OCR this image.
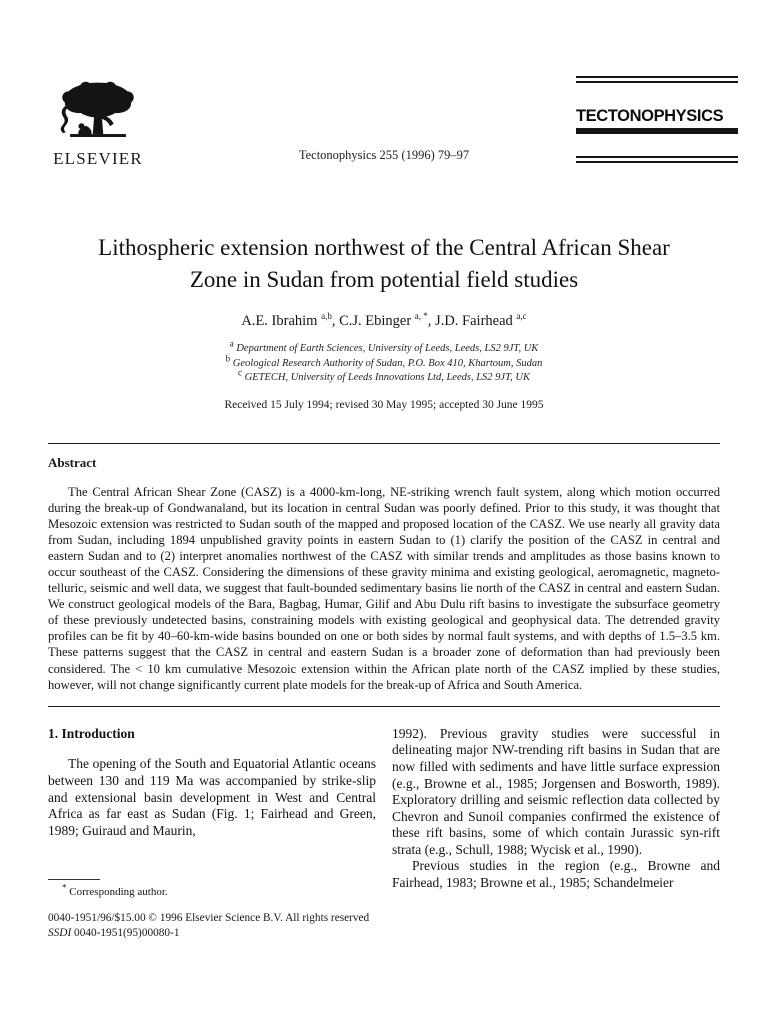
ELSEVIER	Tectonophysics 255 (1996) 79–97
TECTONOPHYSICS
Lithospheric extension northwest of the Central African Shear
Zone in Sudan from potential field studies
A.E. Ibrahim $^{a,b}$, C.J. Ebinger $^{a, *}$, J.D. Fairhead $^{a,c}$
$^a$ Department of Earth Sciences, University of Leeds, Leeds, LS2 9JT, UK
$^b$ Geological Research Authority of Sudan, P.O. Box 410, Khartoum, Sudan
$^c$ GETECH, University of Leeds Innovations Ltd, Leeds, LS2 9JT, UK
Received 15 July 1994; revised 30 May 1995; accepted 30 June 1995
Abstract

The Central African Shear Zone (CASZ) is a 4000-km-long, NE-striking wrench fault system, along which motion occurred during the break-up of Gondwanaland, but its location in central Sudan was poorly defined. Prior to this study, it was thought that Mesozoic extension was restricted to Sudan south of the mapped and proposed location of the CASZ. We use nearly all gravity data from Sudan, including 1894 unpublished gravity points in eastern Sudan to (1) clarify the position of the CASZ in central and eastern Sudan and to (2) interpret anomalies northwest of the CASZ with similar trends and amplitudes as those basins known to occur southeast of the CASZ. Considering the dimensions of these gravity minima and existing geological, aeromagnetic, magneto-telluric, seismic and well data, we suggest that fault-bounded sedimentary basins lie north of the CASZ in central and eastern Sudan. We construct geological models of the Bara, Bagbag, Humar, Gilif and Abu Dulu rift basins to investigate the subsurface geometry of these previously undetected basins, constraining models with existing geological and geophysical data. The detrended gravity profiles can be fit by 40–60-km-wide basins bounded on one or both sides by normal fault systems, and with depths of 1.5–3.5 km. These patterns suggest that the CASZ in central and eastern Sudan is a broader zone of deformation than had previously been considered. The < 10 km cumulative Mesozoic extension within the African plate north of the CASZ implied by these studies, however, will not change significantly current plate models for the break-up of Africa and South America.

1. Introduction

The opening of the South and Equatorial Atlantic oceans between 130 and 119 Ma was accompanied by strike-slip and extensional basin development in West and Central Africa as far east as Sudan (Fig. 1; Fairhead and Green, 1989; Guiraud and Maurin,

* Corresponding author.

1992). Previous gravity studies were successful in delineating major NW-trending rift basins in Sudan that are now filled with sediments and have little surface expression (e.g., Browne et al., 1985; Jorgensen and Bosworth, 1989). Exploratory drilling and seismic reflection data collected by Chevron and Sunoil companies confirmed the existence of these rift basins, some of which contain Jurassic syn-rift strata (e.g., Schull, 1988; Wycisk et al., 1990).

Previous studies in the region (e.g., Browne and Fairhead, 1983; Browne et al., 1985; Schandelmeier

0040-1951/96/$15.00 © 1996 Elsevier Science B.V. All rights reserved
SSDI 0040-1951(95)00080-1
